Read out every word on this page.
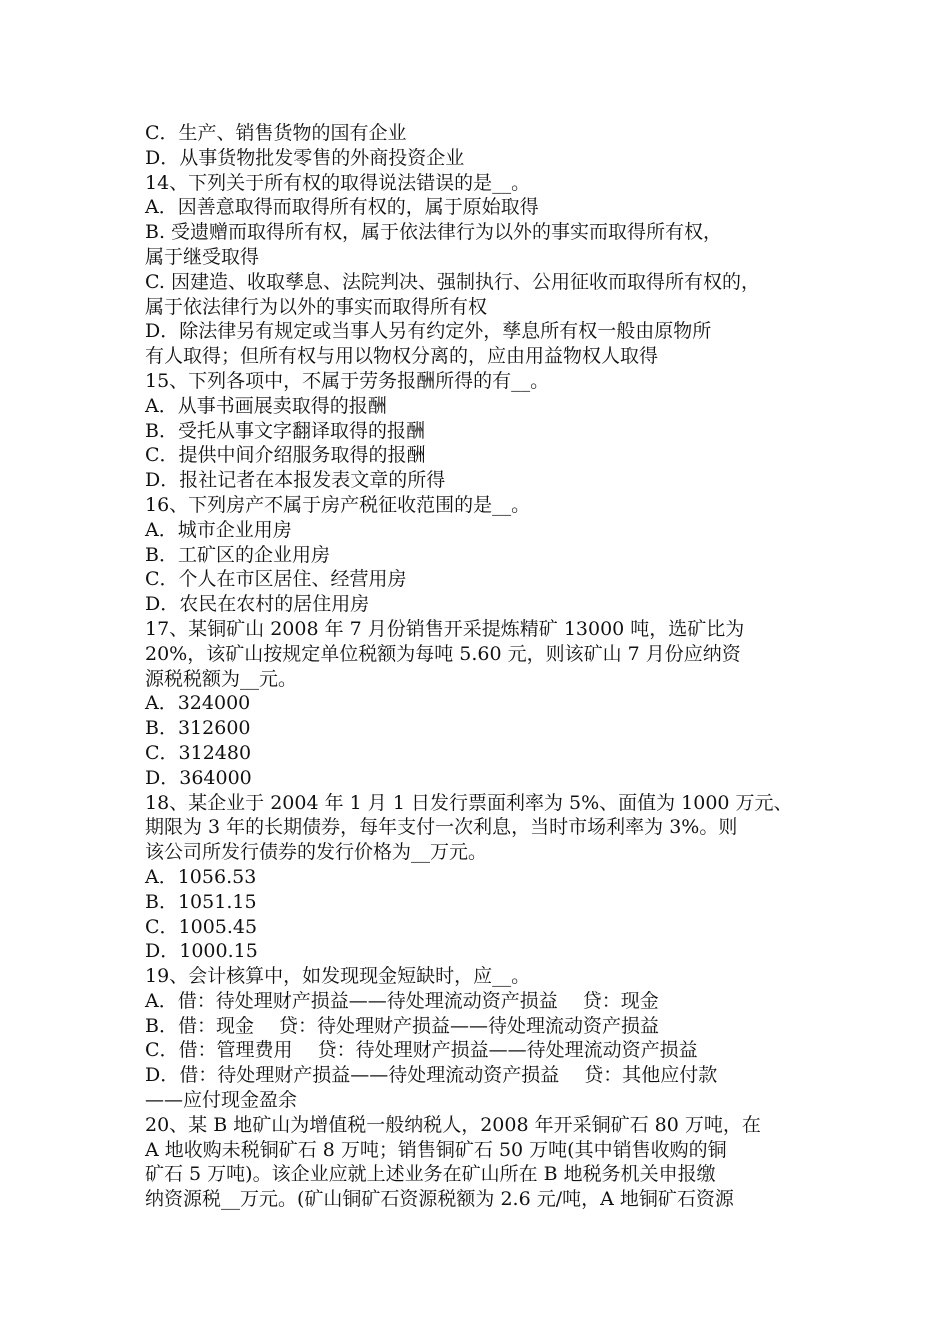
C．生产、销售货物的国有企业
D．从事货物批发零售的外商投资企业
14、下列关于所有权的取得说法错误的是__。
A．因善意取得而取得所有权的，属于原始取得
B. 受遗赠而取得所有权，属于依法律行为以外的事实而取得所有权，
属于继受取得
C. 因建造、收取孳息、法院判决、强制执行、公用征收而取得所有权的，
属于依法律行为以外的事实而取得所有权
D．除法律另有规定或当事人另有约定外，孳息所有权一般由原物所
有人取得；但所有权与用以物权分离的，应由用益物权人取得
15、下列各项中，不属于劳务报酬所得的有__。
A．从事书画展卖取得的报酬
B．受托从事文字翻译取得的报酬
C．提供中间介绍服务取得的报酬
D．报社记者在本报发表文章的所得
16、下列房产不属于房产税征收范围的是__。
A．城市企业用房
B．工矿区的企业用房
C．个人在市区居住、经营用房
D．农民在农村的居住用房
17、某铜矿山 2008 年 7 月份销售开采提炼精矿 13000 吨，选矿比为
20%，该矿山按规定单位税额为每吨 5.60 元，则该矿山 7 月份应纳资
源税税额为__元。
A．324000
B．312600
C．312480
D．364000
18、某企业于 2004 年 1 月 1 日发行票面利率为 5%、面值为 1000 万元、
期限为 3 年的长期债券，每年支付一次利息，当时市场利率为 3%。则
该公司所发行债券的发行价格为__万元。
A．1056.53
B．1051.15
C．1005.45
D．1000.15
19、会计核算中，如发现现金短缺时，应__。
A．借：待处理财产损益——待处理流动资产损益　 贷：现金
B．借：现金　 贷：待处理财产损益——待处理流动资产损益
C．借：管理费用　 贷：待处理财产损益——待处理流动资产损益
D．借：待处理财产损益——待处理流动资产损益　 贷：其他应付款
——应付现金盈余
20、某 B 地矿山为增值税一般纳税人，2008 年开采铜矿石 80 万吨，在
A 地收购未税铜矿石 8 万吨；销售铜矿石 50 万吨(其中销售收购的铜
矿石 5 万吨)。该企业应就上述业务在矿山所在 B 地税务机关申报缴
纳资源税__万元。(矿山铜矿石资源税额为 2.6 元/吨，A 地铜矿石资源
